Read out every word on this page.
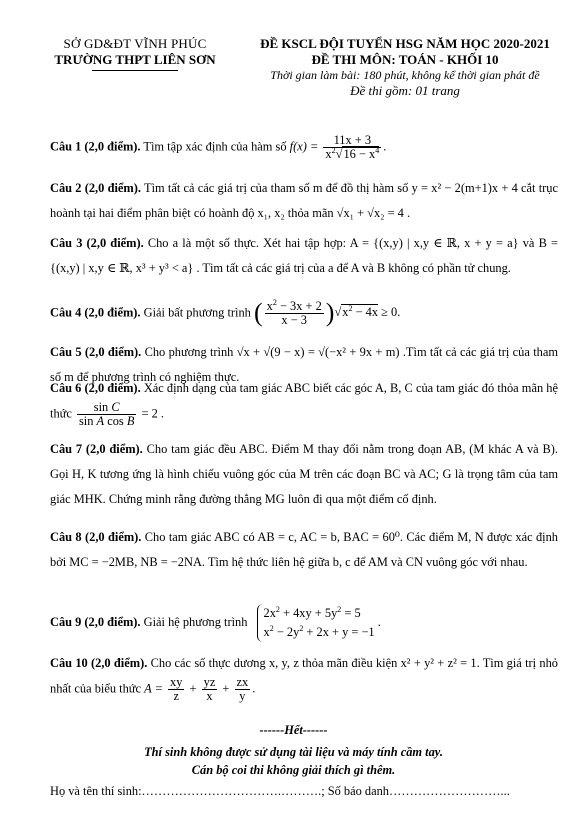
SỞ GD&ĐT VĨNH PHÚC
TRƯỜNG THPT LIÊN SƠN
ĐỀ KSCL ĐỘI TUYỂN HSG NĂM HỌC 2020-2021
ĐỀ THI MÔN: TOÁN - KHỐI 10
Thời gian làm bài: 180 phút, không kể thời gian phát đề
Đề thi gồm: 01 trang
Câu 1 (2,0 điểm). Tìm tập xác định của hàm số $f(x) = \frac{11x + 3}{x^2√16 - x^4}$ .
Câu 2 (2,0 điểm). Tìm tất cả các giá trị của tham số m để đồ thị hàm số y = x² − 2(m+1)x + 4 cắt trục hoành tại hai điểm phân biệt có hoành độ x₁, x₂ thỏa mãn √x₁ + √x₂ = 4 .
Câu 3 (2,0 điểm). Cho a là một số thực. Xét hai tập hợp: A = {(x,y) | x,y ∈ ℝ, x + y = a} và B = {(x,y) | x,y ∈ ℝ, x³ + y³ < a} . Tìm tất cả các giá trị của a để A và B không có phần tử chung.
Câu 4 (2,0 điểm). Giải bất phương trình ( $\frac{x^2 - 3x + 2}{x - 3} )√x^2 - 4x \ge 0$.
Câu 5 (2,0 điểm). Cho phương trình √x + √(9 − x) = √(−x² + 9x + m) .Tìm tất cả các giá trị của tham số m để phương trình có nghiệm thực.
Câu 6 (2,0 điểm). Xác định dạng của tam giác ABC biết các góc A, B, C của tam giác đó thỏa mãn hệ thức $\frac{\text{sin C}}{\text{sin A cos B}} = 2$ .
Câu 7 (2,0 điểm). Cho tam giác đều ABC. Điểm M thay đổi nằm trong đoạn AB, (M khác A và B). Gọi H, K tương ứng là hình chiếu vuông góc của M trên các đoạn BC và AC; G là trọng tâm của tam giác MHK. Chứng minh rằng đường thẳng MG luôn đi qua một điểm cố định.
Câu 8 (2,0 điểm). Cho tam giác ABC có AB = c, AC = b, BAC = 60⁰. Các điểm M, N được xác định bởi MC = −2MB, NB = −2NA. Tìm hệ thức liên hệ giữa b, c để AM và CN vuông góc với nhau.
Câu 9 (2,0 điểm). Giải hệ phương trình $2x^2 + 4xy + 5y^2 = 5$
$x^2 - 2y^2 + 2x + y = -1$ .
Câu 10 (2,0 điểm). Cho các số thực dương x, y, z thỏa mãn điều kiện x² + y² + z² = 1. Tìm giá trị nhỏ nhất của biểu thức $A = \frac{xy}{z} + \frac{yz}{x} + \frac{zx}{y}$ .
------Hết------
Thí sinh không được sử dụng tài liệu và máy tính cầm tay.
Cán bộ coi thi không giải thích gì thêm.
Họ và tên thí sinh:…………………………….……….; Số báo danh………………………...
